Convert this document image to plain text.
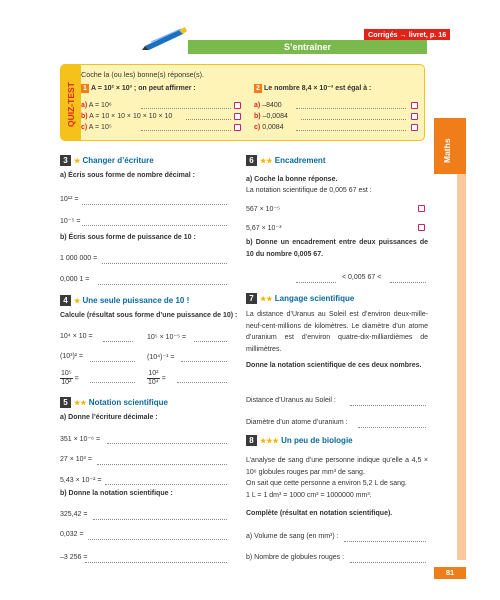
Corrigés → livret, p. 16
S’entraîner
Maths
81
QUIZ-TEST
Coche la (ou les) bonne(s) réponse(s).
1 A = 10² × 10³ ; on peut affirmer :
a) A = 10⁶
b) A = 10 × 10 × 10 × 10 × 10
c) A = 10⁵
2 Le nombre 8,4 × 10⁻³ est égal à :
a) –8400
b) –0,0084
c) 0,0084
3 ★ Changer d’écriture
a) Écris sous forme de nombre décimal :
10¹² =
10⁻⁵ =
b) Écris sous forme de puissance de 10 :
1 000 000 =
0,000 1 =
4 ★ Une seule puissance de 10 !
Calcule (résultat sous forme d’une puissance de 10) :
10⁴ × 10 =	10⁵ × 10⁻⁵ =
(10³)² =	(10⁴)⁻¹ =
$\frac{\text{10⁵}}{\text{10²}}$ =	$\frac{\text{10²}}{\text{10⁴}}$ =
5 ★★ Notation scientifique
a) Donne l’écriture décimale :
351 × 10⁻⁶ =
27 × 10³ =
5,43 × 10⁻² =
b) Donne la notation scientifique :
325,42 =
0,032 =
–3 256 =
6 ★★ Encadrement
a) Coche la bonne réponse.
La notation scientifique de 0,005 67 est :
567 × 10⁻⁵
5,67 × 10⁻³
b) Donne un encadrement entre deux puissances de 10 du nombre 0,005 67.
< 0,005 67 <
7 ★★ Langage scientifique
La distance d’Uranus au Soleil est d’environ deux-mille-neuf-cent-millions de kilomètres. Le diamètre d’un atome d’uranium est d’environ quatre-dix-milliardièmes de millimètres.
Donne la notation scientifique de ces deux nombres.
Distance d’Uranus au Soleil :
Diamètre d’un atome d’uranium :
8 ★★★ Un peu de biologie
L’analyse de sang d’une personne indique qu’elle a 4,5 × 10⁶ globules rouges par mm³ de sang.
On sait que cette personne a environ 5,2 L de sang.
1 L = 1 dm³ = 1000 cm³ = 1000000 mm³.
Complète (résultat en notation scientifique).
a) Volume de sang (en mm³) :
b) Nombre de globules rouges :
